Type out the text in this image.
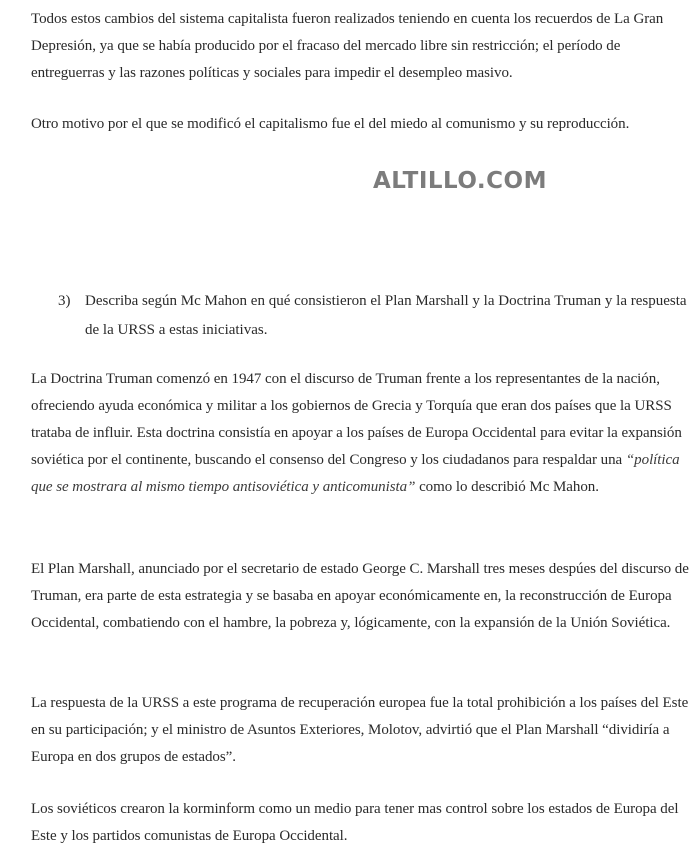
Todos estos cambios del sistema capitalista fueron realizados teniendo en cuenta los recuerdos de La Gran Depresión, ya que se había producido por el fracaso del mercado libre sin restricción; el período de entreguerras y las razones políticas y sociales para impedir el desempleo masivo.

Otro motivo por el que se modificó el capitalismo fue el del miedo al comunismo y su reproducción.

ALTILLO.COM
3) Describa según Mc Mahon en qué consistieron el Plan Marshall y la Doctrina Truman y la respuesta de la URSS a estas iniciativas.

La Doctrina Truman comenzó en 1947 con el discurso de Truman frente a los representantes de la nación, ofreciendo ayuda económica y militar a los gobiernos de Grecia y Torquía que eran dos países que la URSS trataba de influir. Esta doctrina consistía en apoyar a los países de Europa Occidental para evitar la expansión soviética por el continente, buscando el consenso del Congreso y los ciudadanos para respaldar una “política que se mostrara al mismo tiempo antisoviética y anticomunista” como lo describió Mc Mahon.

El Plan Marshall, anunciado por el secretario de estado George C. Marshall tres meses despúes del discurso de Truman, era parte de esta estrategia y se basaba en apoyar económicamente en, la reconstrucción de Europa Occidental, combatiendo con el hambre, la pobreza y, lógicamente, con la expansión de la Unión Soviética.

La respuesta de la URSS a este programa de recuperación europea fue la total prohibición a los países del Este en su participación; y el ministro de Asuntos Exteriores, Molotov, advirtió que el Plan Marshall “dividiría a Europa en dos grupos de estados”.

Los soviéticos crearon la korminform como un medio para tener mas control sobre los estados de Europa del Este y los partidos comunistas de Europa Occidental.
